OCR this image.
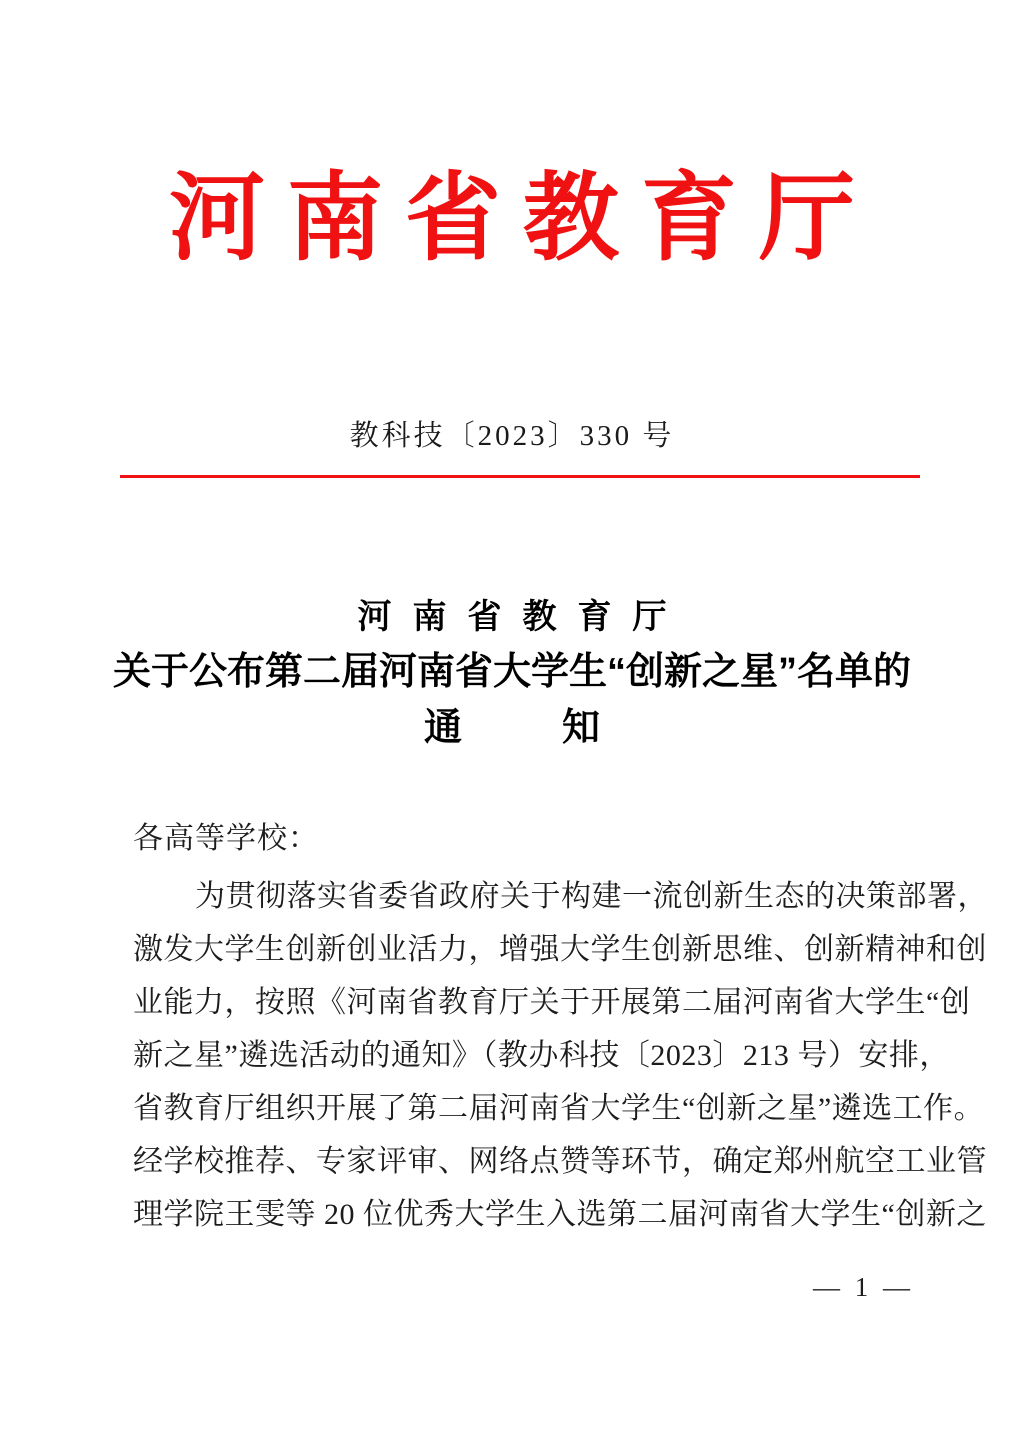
河南省教育厅
教科技〔2023〕330 号
河南省教育厅
关于公布第二届河南省大学生“创新之星”名单的
通知
各高等学校：
为贯彻落实省委省政府关于构建一流创新生态的决策部署，
激发大学生创新创业活力，增强大学生创新思维、创新精神和创
业能力，按照《河南省教育厅关于开展第二届河南省大学生“创
新之星”遴选活动的通知》（教办科技〔2023〕213 号）安排，
省教育厅组织开展了第二届河南省大学生“创新之星”遴选工作。
经学校推荐、专家评审、网络点赞等环节，确定郑州航空工业管
理学院王雯等 20 位优秀大学生入选第二届河南省大学生“创新之
— 1 —
